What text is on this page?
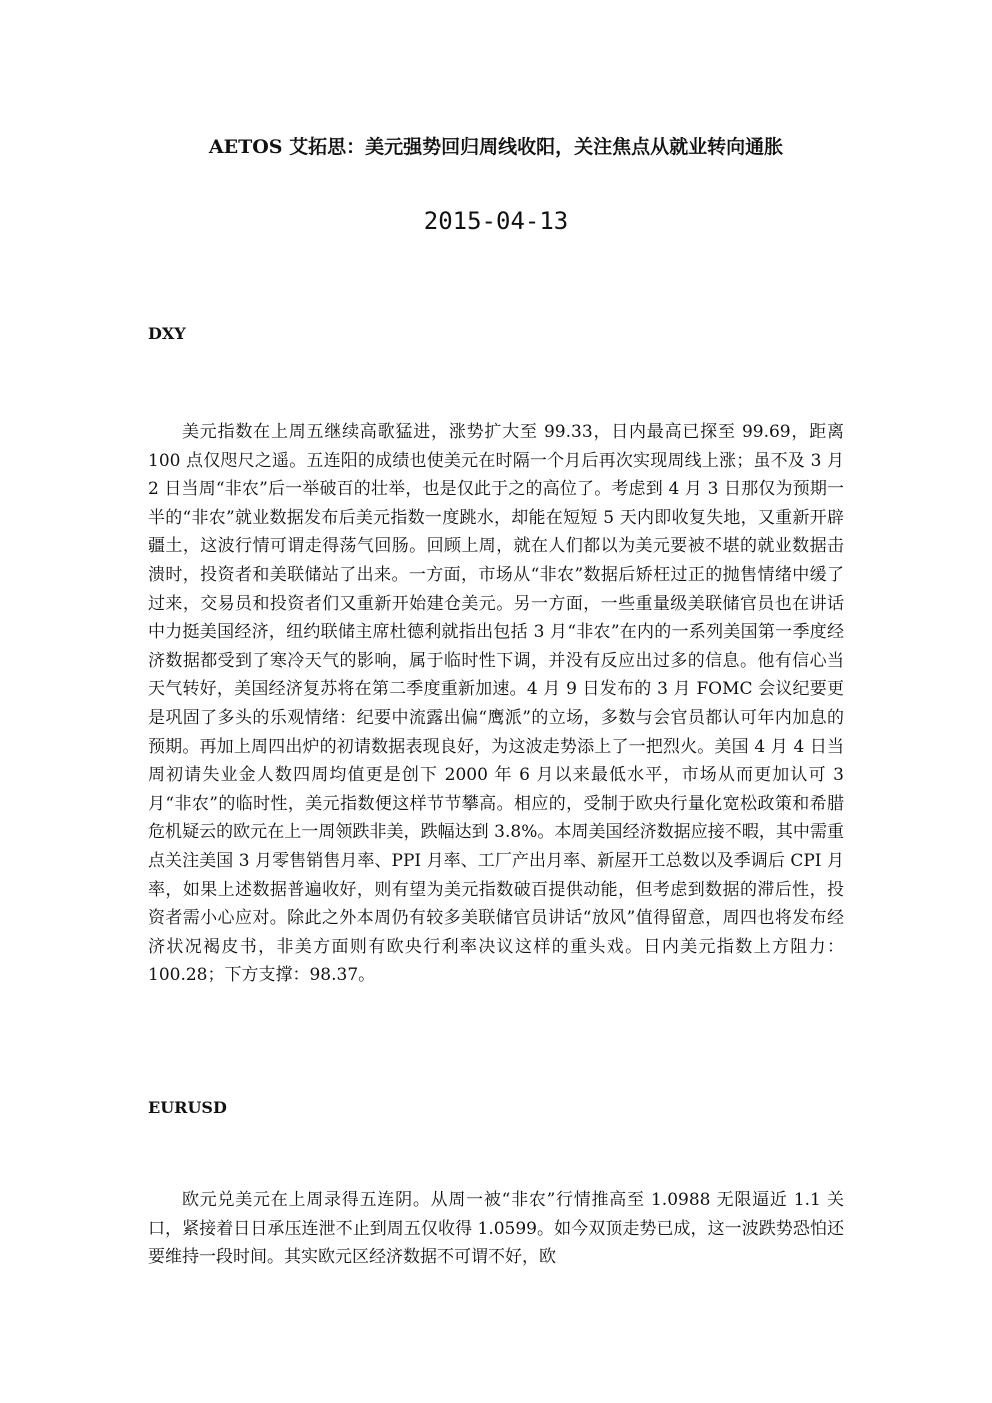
AETOS 艾拓思：美元强势回归周线收阳，关注焦点从就业转向通胀
2015-04-13
DXY

美元指数在上周五继续高歌猛进，涨势扩大至 99.33，日内最高已探至 99.69，距离 100 点仅咫尺之遥。五连阳的成绩也使美元在时隔一个月后再次实现周线上涨；虽不及 3 月 2 日当周“非农”后一举破百的壮举，也是仅此于之的高位了。考虑到 4 月 3 日那仅为预期一半的“非农”就业数据发布后美元指数一度跳水，却能在短短 5 天内即收复失地，又重新开辟疆土，这波行情可谓走得荡气回肠。回顾上周，就在人们都以为美元要被不堪的就业数据击溃时，投资者和美联储站了出来。一方面，市场从“非农”数据后矫枉过正的抛售情绪中缓了过来，交易员和投资者们又重新开始建仓美元。另一方面，一些重量级美联储官员也在讲话中力挺美国经济，纽约联储主席杜德利就指出包括 3 月“非农”在内的一系列美国第一季度经济数据都受到了寒冷天气的影响，属于临时性下调，并没有反应出过多的信息。他有信心当天气转好，美国经济复苏将在第二季度重新加速。4 月 9 日发布的 3 月 FOMC 会议纪要更是巩固了多头的乐观情绪：纪要中流露出偏“鹰派”的立场，多数与会官员都认可年内加息的预期。再加上周四出炉的初请数据表现良好，为这波走势添上了一把烈火。美国 4 月 4 日当周初请失业金人数四周均值更是创下 2000 年 6 月以来最低水平，市场从而更加认可 3 月“非农”的临时性，美元指数便这样节节攀高。相应的，受制于欧央行量化宽松政策和希腊危机疑云的欧元在上一周领跌非美，跌幅达到 3.8%。本周美国经济数据应接不暇，其中需重点关注美国 3 月零售销售月率、PPI 月率、工厂产出月率、新屋开工总数以及季调后 CPI 月率，如果上述数据普遍收好，则有望为美元指数破百提供动能，但考虑到数据的滞后性，投资者需小心应对。除此之外本周仍有较多美联储官员讲话“放风”值得留意，周四也将发布经济状况褐皮书，非美方面则有欧央行利率决议这样的重头戏。日内美元指数上方阻力：100.28；下方支撑：98.37。

EURUSD

欧元兑美元在上周录得五连阴。从周一被“非农”行情推高至 1.0988 无限逼近 1.1 关口，紧接着日日承压连泄不止到周五仅收得 1.0599。如今双顶走势已成，这一波跌势恐怕还要维持一段时间。其实欧元区经济数据不可谓不好，欧
